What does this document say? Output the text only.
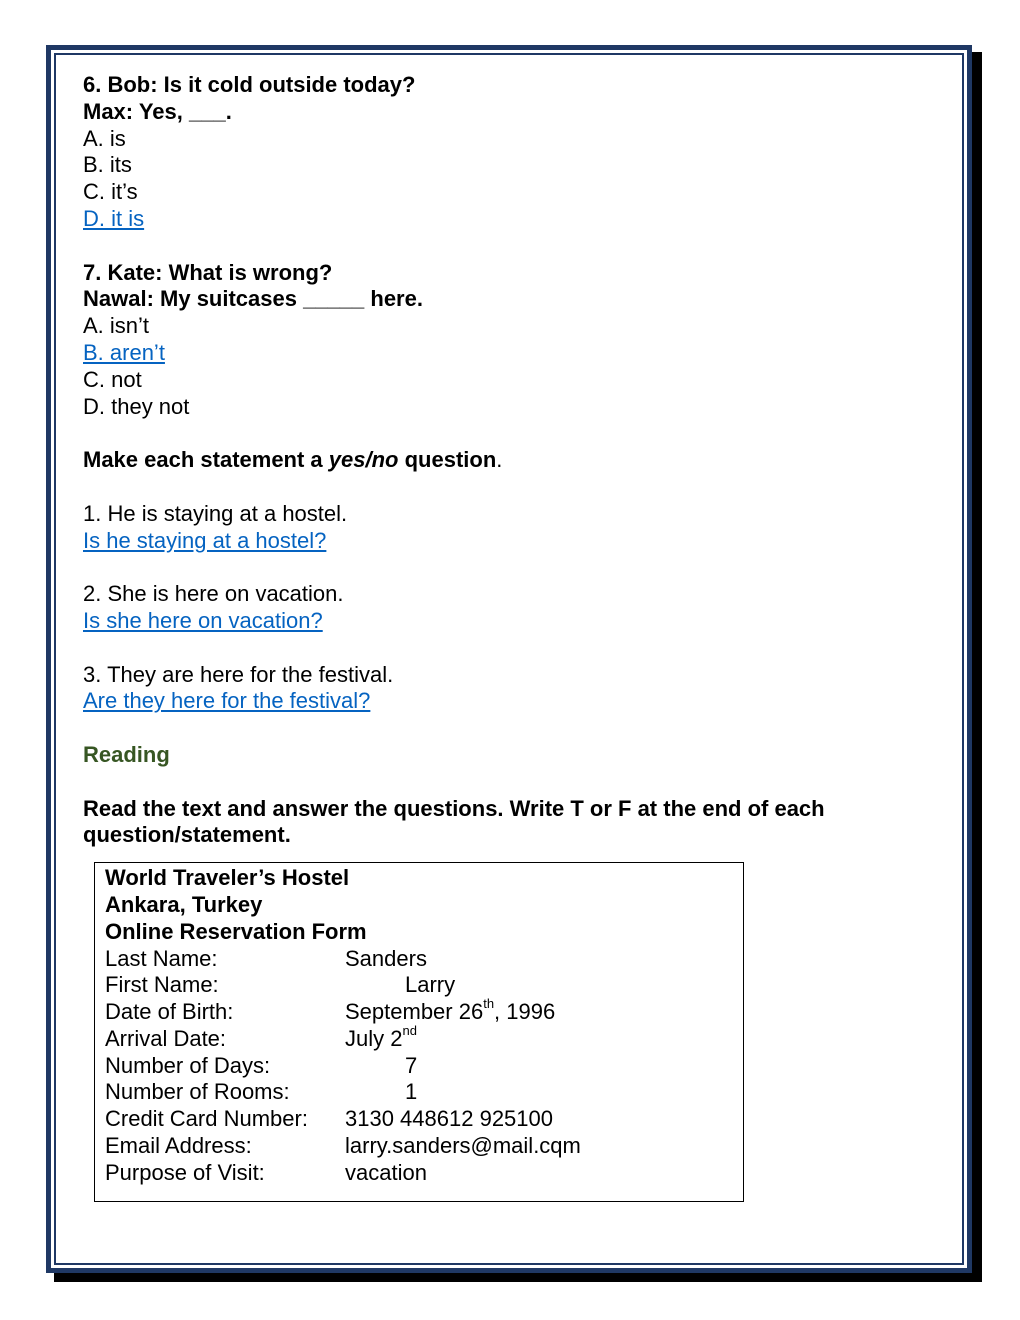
6. Bob: Is it cold outside today?
Max: Yes, ___.
A. is
B. its
C. it’s
D. it is
7. Kate: What is wrong?
Nawal: My suitcases _____ here.
A. isn’t
B. aren’t
C. not
D. they not
Make each statement a yes/no question.
1. He is staying at a hostel.
Is he staying at a hostel?
2. She is here on vacation.
Is she here on vacation?
3. They are here for the festival.
Are they here for the festival?
Reading
Read the text and answer the questions. Write T or F at the end of each
question/statement.
World Traveler’s Hostel
Ankara, Turkey
Online Reservation Form
Last Name:	Sanders
First Name:	Larry
Date of Birth:	September 26th, 1996
Arrival Date:	July 2nd
Number of Days:	7
Number of Rooms:	1
Credit Card Number:	3130 448612 925100
Email Address:	larry.sanders@mail.cqm
Purpose of Visit:	vacation
